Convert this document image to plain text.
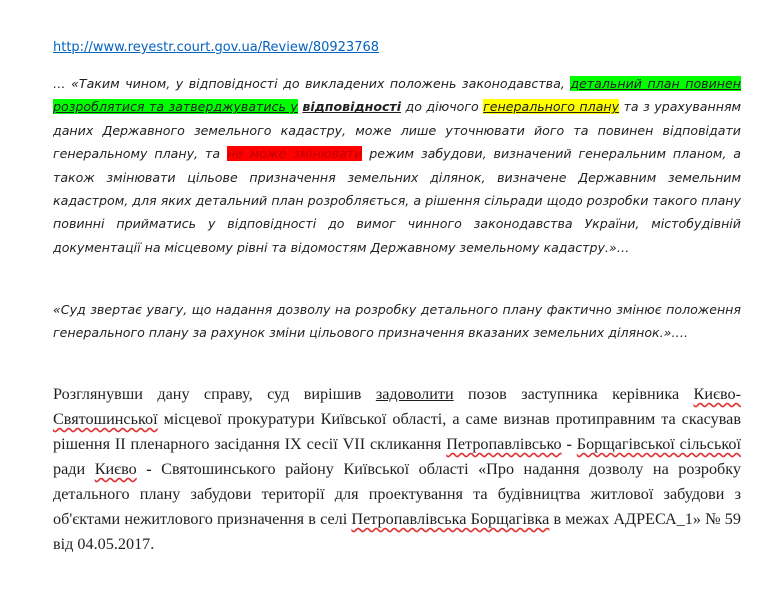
http://www.reyestr.court.gov.ua/Review/80923768
… «Таким чином, у відповідності до викладених положень законодавства, детальний план повинен розроблятися та затверджуватись у відповідності до діючого генерального плану та з урахуванням даних Державного земельного кадастру, може лише уточнювати його та повинен відповідати генеральному плану, та не може змінювати режим забудови, визначений генеральним планом, а також змінювати цільове призначення земельних ділянок, визначене Державним земельним кадастром, для яких детальний план розробляється, а рішення сільради щодо розробки такого плану повинні прийматись у відповідності до вимог чинного законодавства України, містобудівній документації на місцевому рівні та відомостям Державному земельному кадастру.»…
«Суд звертає увагу, що надання дозволу на розробку детального плану фактично змінює положення генерального плану за рахунок зміни цільового призначення вказаних земельних ділянок.»….
Розглянувши дану справу, суд вирішив задоволити позов заступника керівника Києво-Святошинської місцевої прокуратури Київської області, а саме визнав протиправним та скасував рішення ІІ пленарного засідання ІХ сесії VII скликання Петропавлівсько - Борщагівської сільської ради Києво - Святошинського району Київської області «Про надання дозволу на розробку детального плану забудови території для проектування та будівництва житлової забудови з об'єктами нежитлового призначення в селі Петропавлівська Борщагівка в межах АДРЕСА_1» № 59 від 04.05.2017.
